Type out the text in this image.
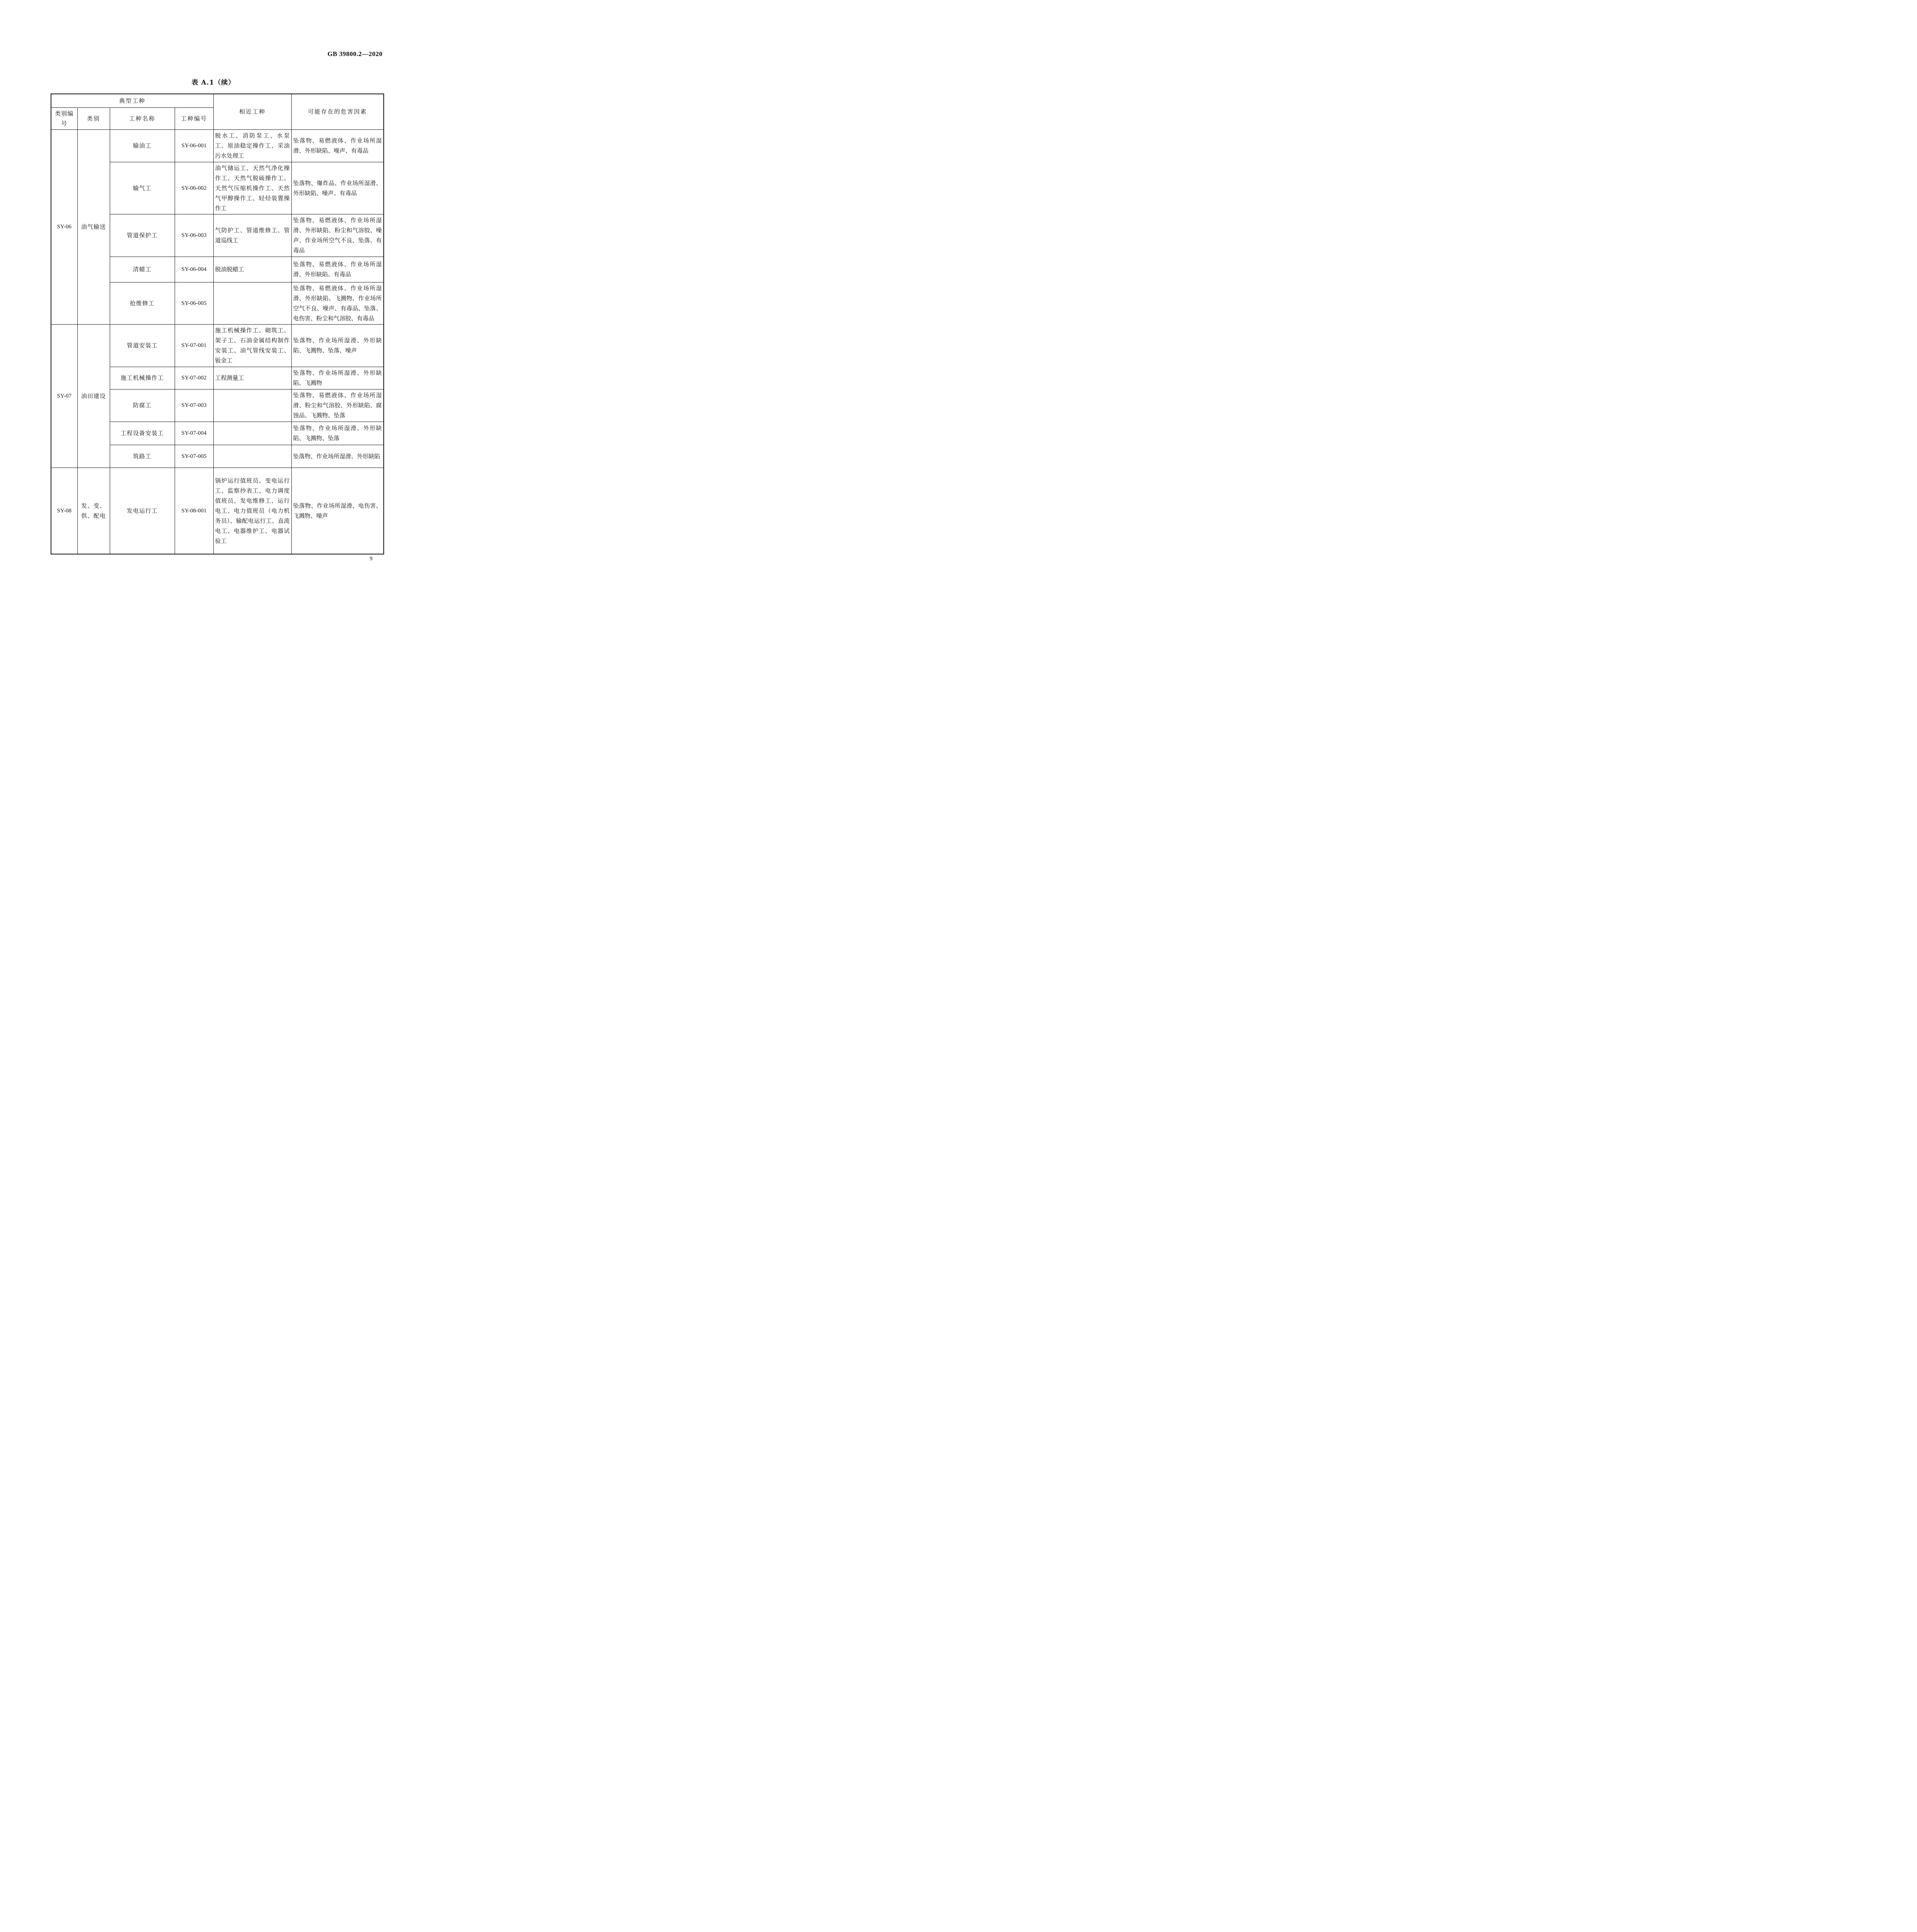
GB 39800.2—2020
表 A.1（续）
典型工种				相近工种	可能存在的危害因素
类别编号	类别	工种名称	工种编号		
SY-06	油气输送	输油工	SY-06-001	脱水工、消防泵工、水泵工、原油稳定操作工、采油污水处理工	坠落物、易燃液体、作业场所湿滑、外形缺陷、噪声、有毒品
		输气工	SY-06-002	油气储运工、天然气净化操作工、天然气脱硫操作工、天然气压缩机操作工、天然气甲醇操作工、轻烃装置操作工	坠落物、爆炸品、作业场所湿滑、外形缺陷、噪声、有毒品
		管道保护工	SY-06-003	气防护工、管道维修工、管道巡线工	坠落物、易燃液体、作业场所湿滑、外形缺陷、粉尘和气溶胶、噪声、作业场所空气不良、坠落、有毒品
		清蜡工	SY-06-004	脱油脱蜡工	坠落物、易燃液体、作业场所湿滑、外形缺陷、有毒品
		抢维修工	SY-06-005		坠落物、易燃液体、作业场所湿滑、外形缺陷、飞溅物、作业场所空气不良、噪声、有毒品、坠落、电伤害、粉尘和气溶胶、有毒品
SY-07	油田建设	管道安装工	SY-07-001	施工机械操作工、砌筑工、架子工、石油金属结构制作安装工、油气管线安装工、钣金工	坠落物、作业场所湿滑、外形缺陷、飞溅物、坠落、噪声
		施工机械操作工	SY-07-002	工程测量工	坠落物、作业场所湿滑、外形缺陷、飞溅物
		防腐工	SY-07-003		坠落物、易燃液体、作业场所湿滑、粉尘和气溶胶、外形缺陷、腐蚀品、飞溅物、坠落
		工程设备安装工	SY-07-004		坠落物、作业场所湿滑、外形缺陷、飞溅物、坠落
		筑路工	SY-07-005		坠落物、作业场所湿滑、外形缺陷
SY-08	发、变、供、配电	发电运行工	SY-08-001	锅炉运行值班员、变电运行工、监察抄表工、电力调度值班员、发电维修工、运行电工、电力值班员（电力机务员）、输配电运行工、直流电工、电器维护工、电器试验工	坠落物、作业场所湿滑、电伤害、飞溅物、噪声
9
